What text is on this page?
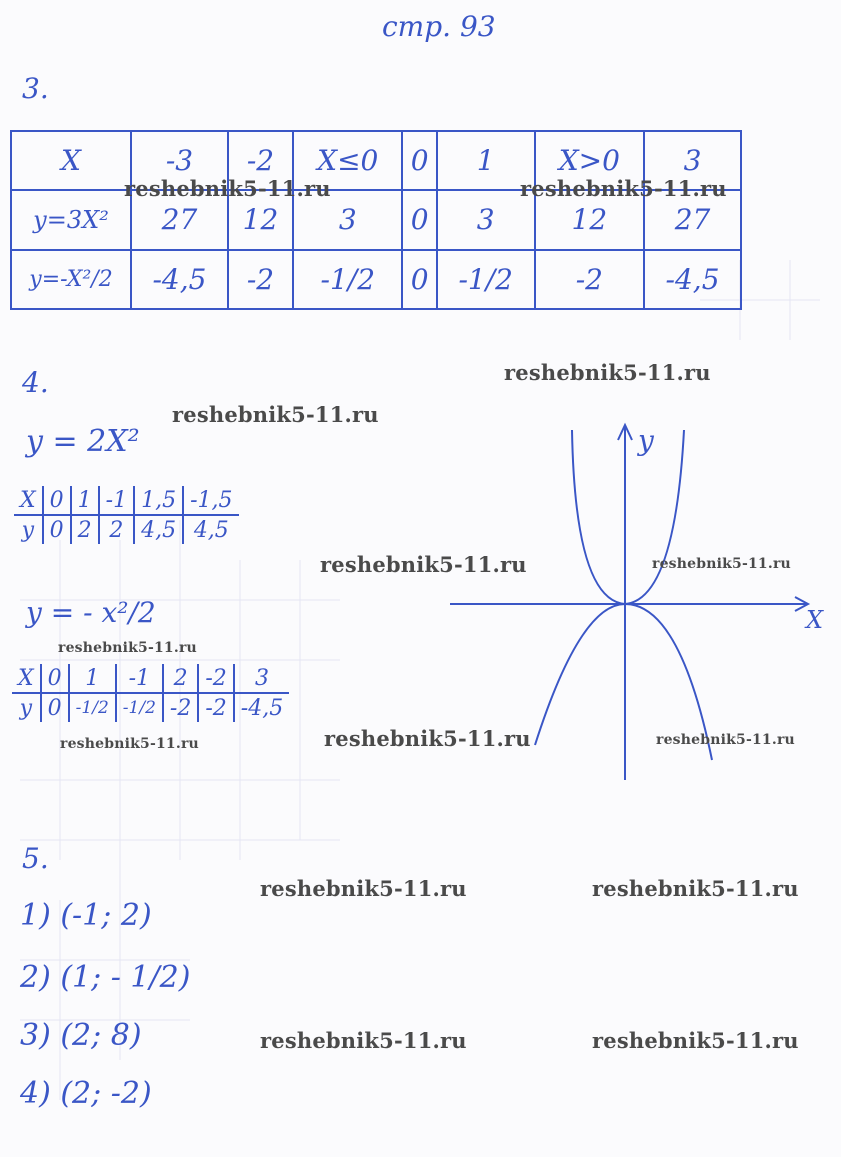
стр. 93
3.
X	-3	-2	X≤0	0	1	X>0	3
y=3X²	27	12	3	0	3	12	27
y=-X²/2	-4,5	-2	-1/2	0	-1/2	-2	-4,5
4.
y = 2X²
X	0	1	-1	1,5	-1,5
y	0	2	2	4,5	4,5
y = - x²/2
X	0	1	-1	2	-2	3
y	0	-1/2	-1/2	-2	-2	-4,5
y
X
5.
1) (-1; 2)
2) (1; - 1/2)
3) (2; 8)
4) (2; -2)
reshebnik5-11.ru	reshebnik5-11.ru
reshebnik5-11.ru
reshebnik5-11.ru
reshebnik5-11.ru	reshebnik5-11.ru
reshebnik5-11.ru
reshebnik5-11.ru
reshebnik5-11.ru	reshebnik5-11.ru
reshebnik5-11.ru	reshebnik5-11.ru
reshebnik5-11.ru	reshebnik5-11.ru
